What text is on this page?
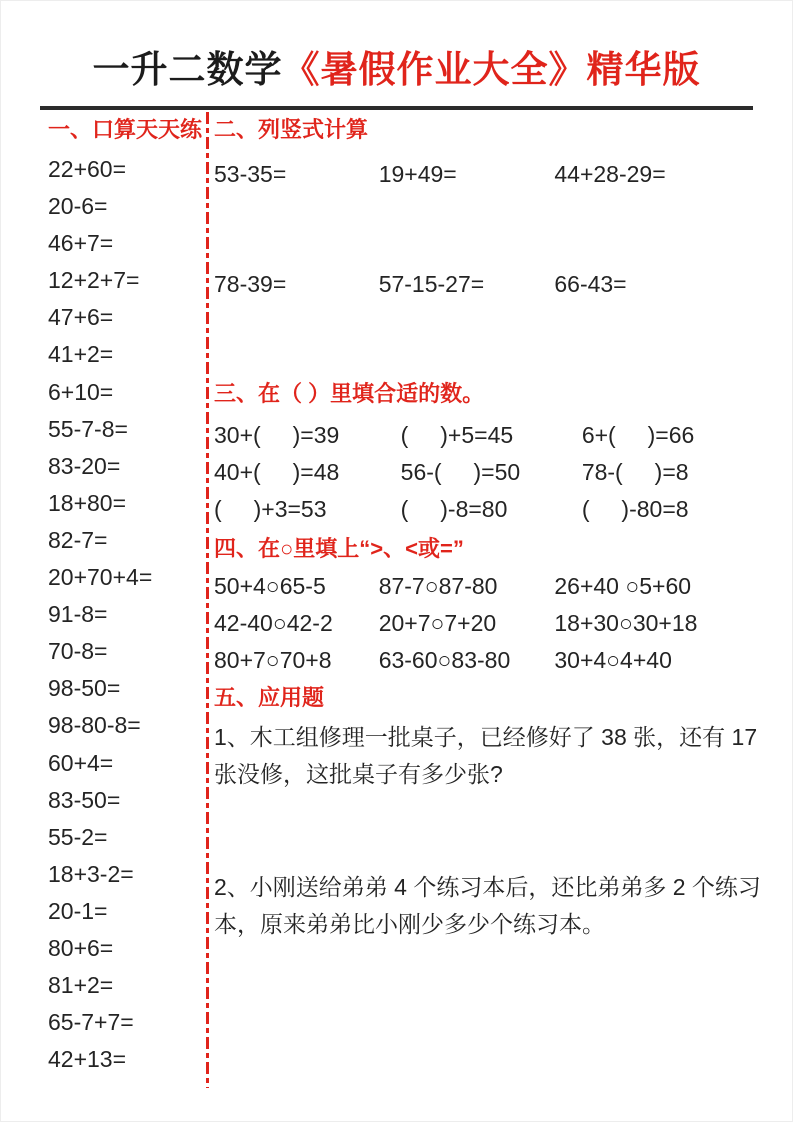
一升二数学《暑假作业大全》精华版
一、口算天天练
22+60=
20-6=
46+7=
12+2+7=
47+6=
41+2=
6+10=
55-7-8=
83-20=
18+80=
82-7=
20+70+4=
91-8=
70-8=
98-50=
98-80-8=
60+4=
83-50=
55-2=
18+3-2=
20-1=
80+6=
81+2=
65-7+7=
42+13=
二、列竖式计算
53-35=	19+49=	44+28-29=
78-39=	57-15-27=	66-43=
三、在（ ）里填合适的数。
30+(     )=39	(     )+5=45	6+(     )=66
40+(     )=48	56-(     )=50	78-(     )=8
(     )+3=53	(     )-8=80	(     )-80=8
四、在○里填上“>、<或=”
50+4○65-5	87-7○87-80	26+40 ○5+60
42-40○42-2	20+7○7+20	18+30○30+18
80+7○70+8	63-60○83-80	30+4○4+40
五、应用题
1、木工组修理一批桌子，已经修好了 38 张，还有 17 张没修，这批桌子有多少张?
2、小刚送给弟弟 4 个练习本后，还比弟弟多 2 个练习本，原来弟弟比小刚少多少个练习本。
